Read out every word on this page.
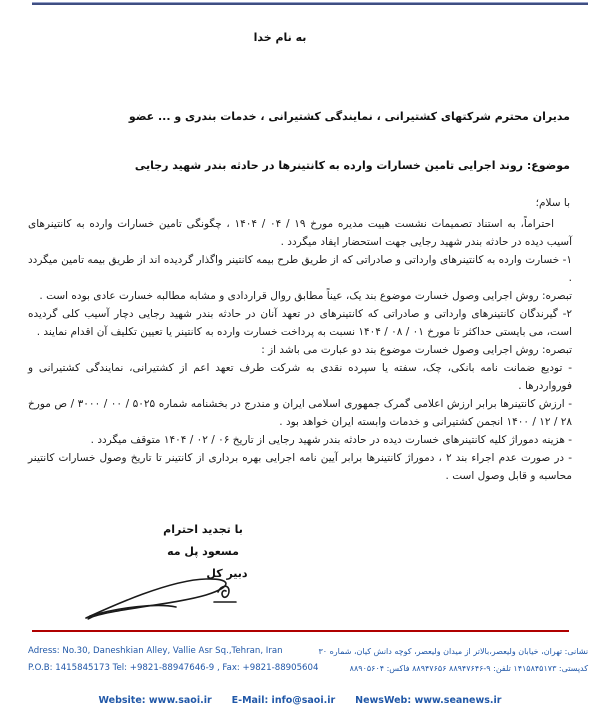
به نام خدا
مدیران محترم شرکتهای کشتیرانی ، نمایندگی کشتیرانی ، خدمات بندری و ... عضو
موضوع: روند اجرایی تامین خسارات وارده به کانتینرها در حادثه بندر شهید رجایی
با سلام؛

احتراماً، به استناد تصمیمات نشست هییت مدیره مورخ ۱۹ / ۰۴ / ۱۴۰۴ ، چگونگی تامین خسارات وارده به کانتینرهای آسیب دیده در حادثه بندر شهید رجایی جهت استحضار ایفاد میگردد .

۱- خسارت وارده به کانتینرهای وارداتی و صادراتی که از طریق طرح بیمه کانتینر واگذار گردیده اند از طریق بیمه تامین میگردد .

تبصره: روش اجرایی وصول خسارت موضوع بند یک، عیناً مطابق روال قراردادی و مشابه مطالبه خسارت عادی بوده است .

۲- گیرندگان کانتینرهای وارداتی و صادراتی که کانتینرهای در تعهد آنان در حادثه بندر شهید رجایی دچار آسیب کلی گردیده است، می بایستی حداکثر تا مورخ ۰۱ / ۰۸ / ۱۴۰۴ نسبت به پرداخت خسارت وارده به کانتینر یا تعیین تکلیف آن اقدام نمایند .

تبصره: روش اجرایی وصول خسارت موضوع بند دو عبارت می باشد از :

- تودیع ضمانت نامه بانکی، چک، سفته یا سپرده نقدی به شرکت طرف تعهد اعم از کشتیرانی، نمایندگی کشتیرانی و فورواردرها .

- ارزش کانتینرها برابر ارزش اعلامی گمرک جمهوری اسلامی ایران و مندرج در بخشنامه شماره ۵۰۲۵ / ۰۰ / ۳۰۰۰ / ص مورخ ۲۸ / ۱۲ / ۱۴۰۰ انجمن کشتیرانی و خدمات وابسته ایران خواهد بود .

- هزینه دموراژ کلیه کانتینرهای خسارت دیده در حادثه بندر شهید رجایی از تاریخ ۰۶ / ۰۲ / ۱۴۰۴ متوقف میگردد .

- در صورت عدم اجراء بند ۲ ، دموراژ کانتینرها برابر آیین نامه اجرایی بهره برداری از کانتینر تا تاریخ وصول خسارات کانتینر محاسبه و قابل وصول است .

با تجدید احترام
مسعود پل مه
دبیر کل
Adress: No.30, Daneshkian Alley, Vallie Asr Sq.,Tehran, Iran
P.O.B: 1415845173 Tel: +9821-88947646-9 , Fax: +9821-88905604
نشانی: تهران، خیابان ولیعصر،بالاتر از میدان ولیعصر، کوچه دانش کیان، شماره ۳۰
کدپستی: ۱۴۱۵۸۴۵۱۷۳ تلفن: ۹-۸۸۹۴۷۶۴۶ ۸۸۹۴۷۶۵۶ فاکس: ۸۸۹۰۵۶۰۴
Website: www.saoi.ir E-Mail: info@saoi.ir NewsWeb: www.seanews.ir
